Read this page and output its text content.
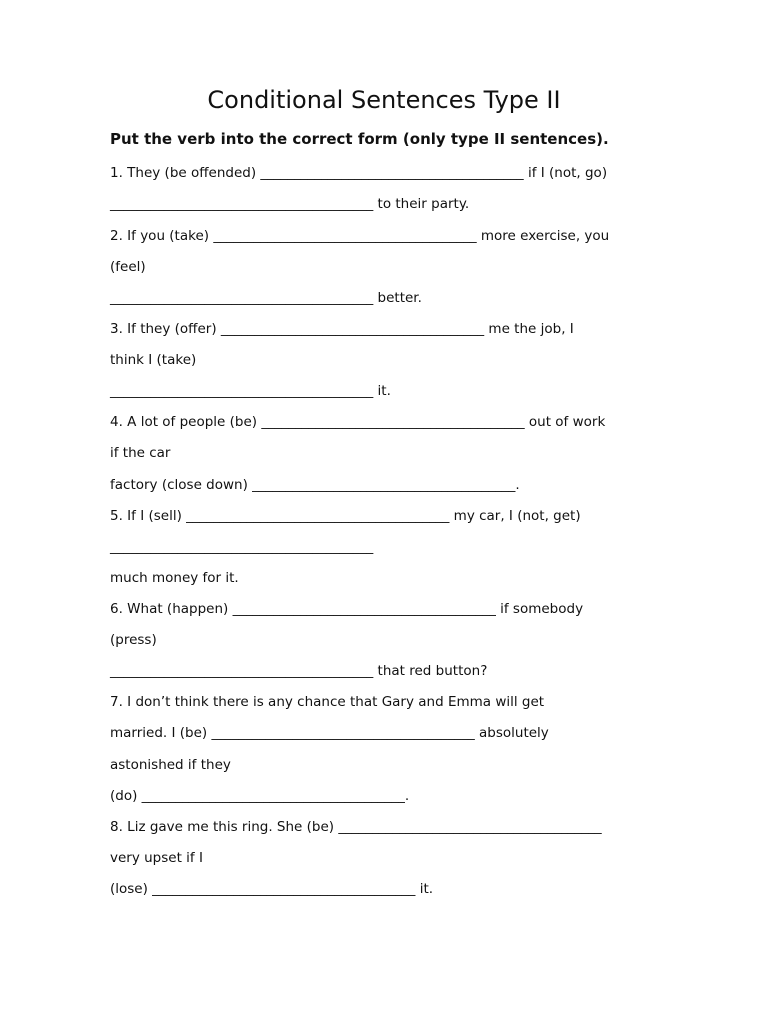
Conditional Sentences Type II
Put the verb into the correct form (only type II sentences).
1. They (be offended) _______________________________________ if I (not, go)
_______________________________________ to their party.
2. If you (take) _______________________________________ more exercise, you
(feel)
_______________________________________ better.
3. If they (offer) _______________________________________ me the job, I
think I (take)
_______________________________________ it.
4. A lot of people (be) _______________________________________ out of work
if the car
factory (close down) _______________________________________.
5. If I (sell) _______________________________________ my car, I (not, get)
_______________________________________
much money for it.
6. What (happen) _______________________________________ if somebody
(press)
_______________________________________ that red button?
7. I don’t think there is any chance that Gary and Emma will get
married. I (be) _______________________________________ absolutely
astonished if they
(do) _______________________________________.
8. Liz gave me this ring. She (be) _______________________________________
very upset if I
(lose) _______________________________________ it.
